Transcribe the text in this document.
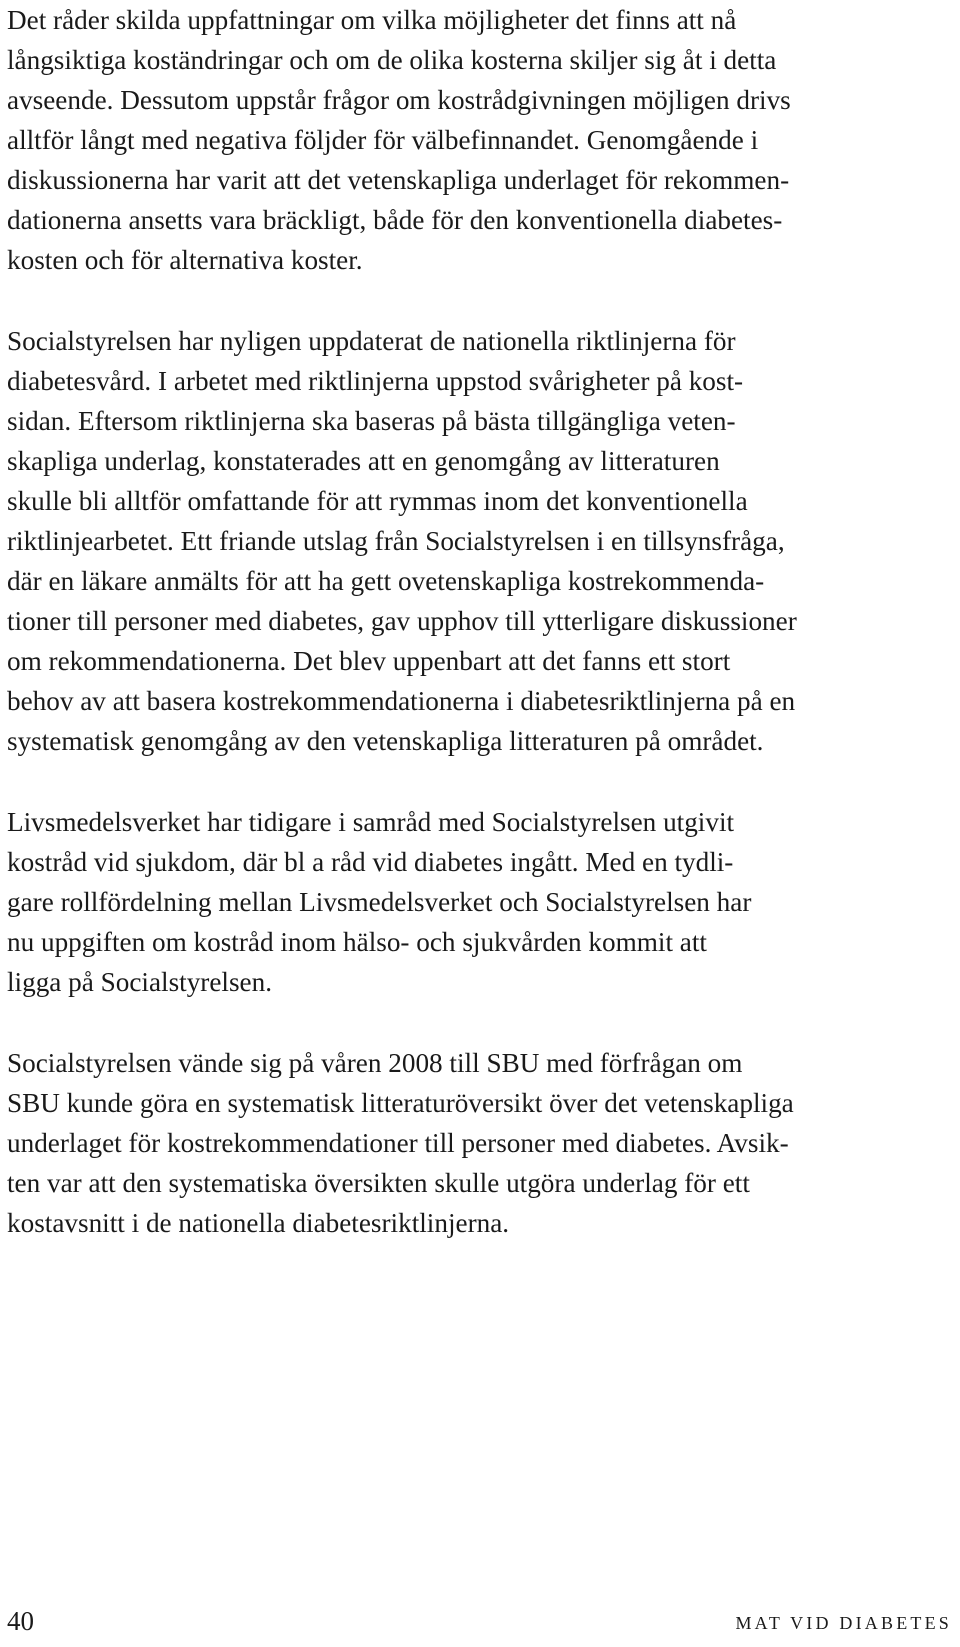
Det råder skilda uppfattningar om vilka möjligheter det finns att nå
långsiktiga koständringar och om de olika kosterna skiljer sig åt i detta
avseende. Dessutom uppstår frågor om kostrådgivningen möjligen drivs
alltför långt med negativa följder för välbefinnandet. Genomgående i
diskussionerna har varit att det vetenskapliga underlaget för rekommen-
dationerna ansetts vara bräckligt, både för den konventionella diabetes-
kosten och för alternativa koster.

Socialstyrelsen har nyligen uppdaterat de nationella riktlinjerna för
diabetesvård. I arbetet med riktlinjerna uppstod svårigheter på kost-
sidan. Eftersom riktlinjerna ska baseras på bästa tillgängliga veten-
skapliga underlag, konstaterades att en genomgång av litteraturen
skulle bli alltför omfattande för att rymmas inom det konventionella
riktlinjearbetet. Ett friande utslag från Socialstyrelsen i en tillsynsfråga,
där en läkare anmälts för att ha gett ovetenskapliga kostrekommenda-
tioner till personer med diabetes, gav upphov till ytterligare diskussioner
om rekommendationerna. Det blev uppenbart att det fanns ett stort
behov av att basera kostrekommendationerna i diabetesriktlinjerna på en
systematisk genomgång av den vetenskapliga litteraturen på området.

Livsmedelsverket har tidigare i samråd med Socialstyrelsen utgivit
kostråd vid sjukdom, där bl a råd vid diabetes ingått. Med en tydli-
gare rollfördelning mellan Livsmedelsverket och Socialstyrelsen har
nu uppgiften om kostråd inom hälso- och sjukvården kommit att
ligga på Socialstyrelsen.

Socialstyrelsen vände sig på våren 2008 till SBU med förfrågan om
SBU kunde göra en systematisk litteraturöversikt över det vetenskapliga
underlaget för kostrekommendationer till personer med diabetes. Avsik-
ten var att den systematiska översikten skulle utgöra underlag för ett
kostavsnitt i de nationella diabetesriktlinjerna.

40	MAT VID DIABETES
